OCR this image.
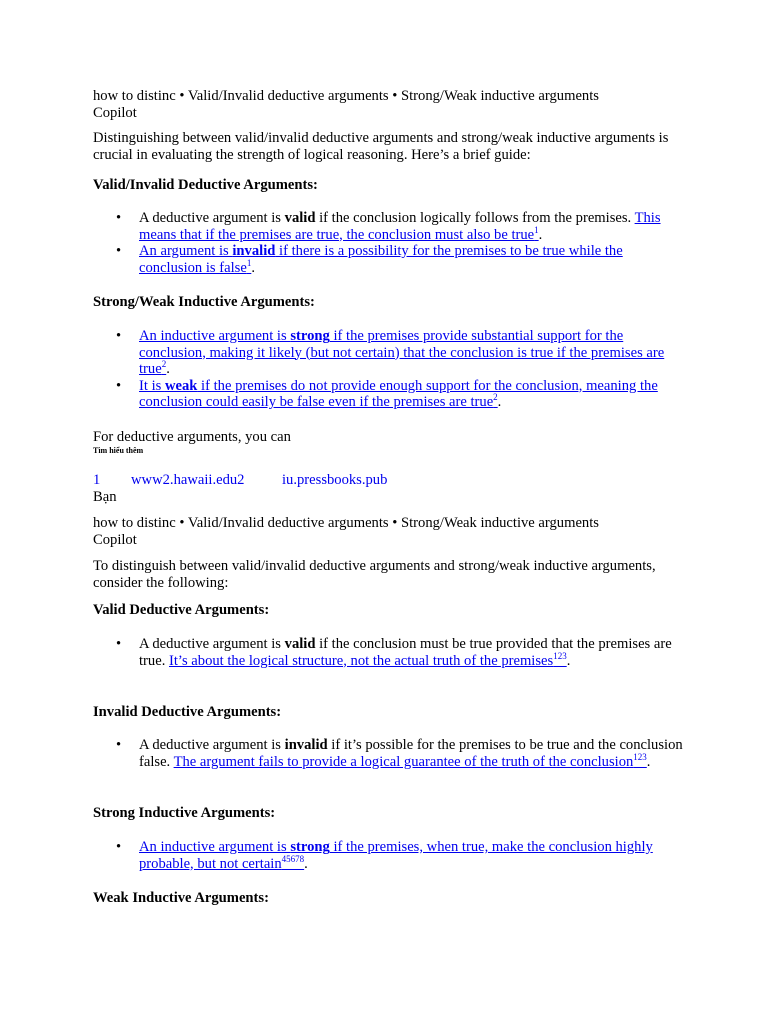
how to distinc • Valid/Invalid deductive arguments • Strong/Weak inductive arguments

Copilot

Distinguishing between valid/invalid deductive arguments and strong/weak inductive arguments is crucial in evaluating the strength of logical reasoning. Here’s a brief guide:

Valid/Invalid Deductive Arguments:

• A deductive argument is valid if the conclusion logically follows from the premises. This means that if the premises are true, the conclusion must also be true$^1$.
• An argument is invalid if there is a possibility for the premises to be true while the conclusion is false$^1$.

Strong/Weak Inductive Arguments:

• An inductive argument is strong if the premises provide substantial support for the conclusion, making it likely (but not certain) that the conclusion is true if the premises are true$^2$.
• It is weak if the premises do not provide enough support for the conclusion, meaning the conclusion could easily be false even if the premises are true$^2$.

For deductive arguments, you can

Tìm hiểu thêm

1	www2.hawaii.edu2	iu.pressbooks.pub

Bạn

how to distinc • Valid/Invalid deductive arguments • Strong/Weak inductive arguments

Copilot

To distinguish between valid/invalid deductive arguments and strong/weak inductive arguments, consider the following:

Valid Deductive Arguments:

• A deductive argument is valid if the conclusion must be true provided that the premises are true. It’s about the logical structure, not the actual truth of the premises$^{123}$.

Invalid Deductive Arguments:

• A deductive argument is invalid if it’s possible for the premises to be true and the conclusion false. The argument fails to provide a logical guarantee of the truth of the conclusion$^{123}$.

Strong Inductive Arguments:

• An inductive argument is strong if the premises, when true, make the conclusion highly probable, but not certain$^{45678}$.

Weak Inductive Arguments:
